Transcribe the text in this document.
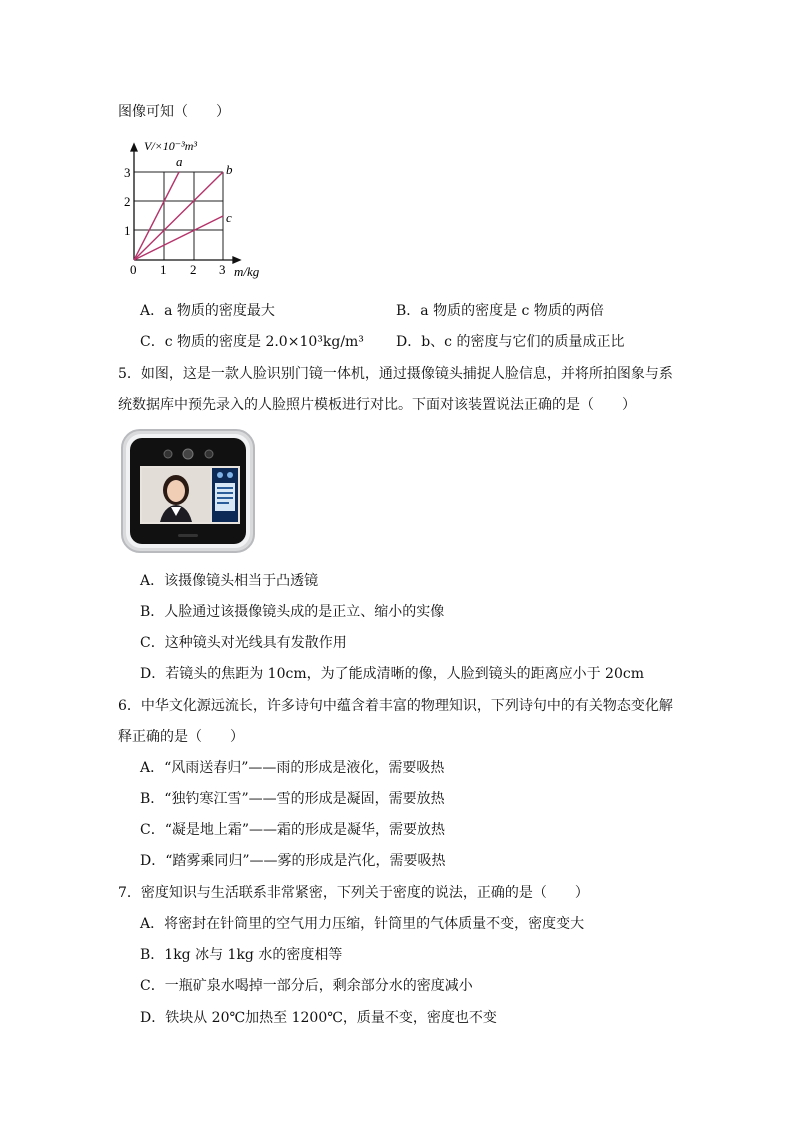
图像可知（　　）
V/×10⁻³m³
m/kg
1
2
3
0 1 2 3
a
b
c
A．a 物质的密度最大	B．a 物质的密度是 c 物质的两倍
C．c 物质的密度是 2.0×10³kg/m³ D．b、c 的密度与它们的质量成正比
5．如图，这是一款人脸识别门镜一体机，通过摄像镜头捕捉人脸信息，并将所拍图象与系
统数据库中预先录入的人脸照片模板进行对比。下面对该装置说法正确的是（　　）
A．该摄像镜头相当于凸透镜
B．人脸通过该摄像镜头成的是正立、缩小的实像
C．这种镜头对光线具有发散作用
D．若镜头的焦距为 10cm，为了能成清晰的像，人脸到镜头的距离应小于 20cm
6．中华文化源远流长，许多诗句中蕴含着丰富的物理知识，下列诗句中的有关物态变化解
释正确的是（　　）
A．“风雨送春归”——雨的形成是液化，需要吸热
B．“独钓寒江雪”——雪的形成是凝固，需要放热
C．“凝是地上霜”——霜的形成是凝华，需要放热
D．“踏雾乘同归”——雾的形成是汽化，需要吸热
7．密度知识与生活联系非常紧密，下列关于密度的说法，正确的是（　　）
A．将密封在针筒里的空气用力压缩，针筒里的气体质量不变，密度变大
B．1kg 冰与 1kg 水的密度相等
C．一瓶矿泉水喝掉一部分后，剩余部分水的密度减小
D．铁块从 20℃加热至 1200℃，质量不变，密度也不变
